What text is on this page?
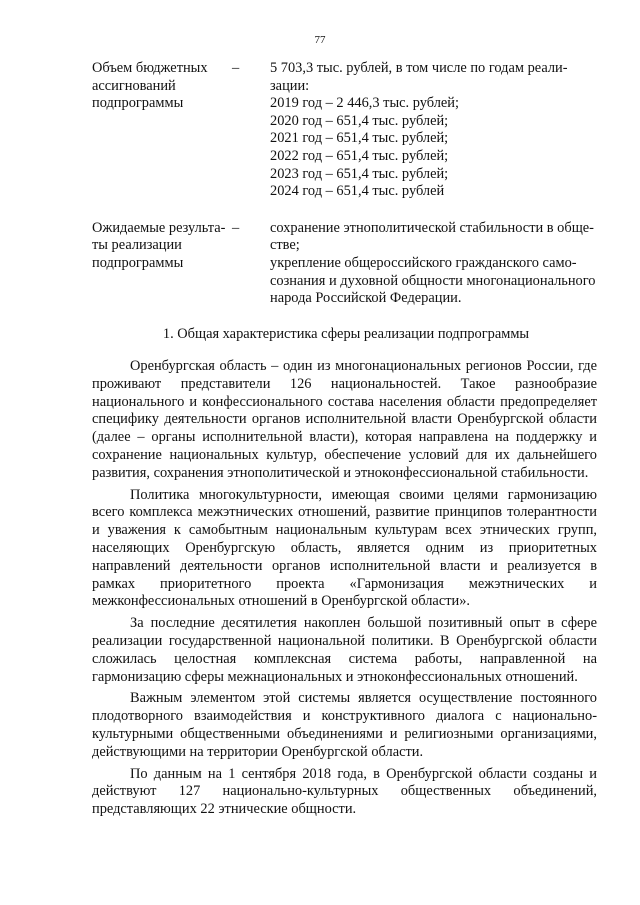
77
Объем бюджетных
ассигнований
подпрограммы
–	5 703,3 тыс. рублей, в том числе по годам реали-
зации:
2019 год – 2 446,3 тыс. рублей;
2020 год – 651,4 тыс. рублей;
2021 год – 651,4 тыс. рублей;
2022 год – 651,4 тыс. рублей;
2023 год – 651,4 тыс. рублей;
2024 год – 651,4 тыс. рублей
Ожидаемые результа-
ты реализации
подпрограммы
–	сохранение этнополитической стабильности в обще-
стве;
укрепление общероссийского гражданского само-
сознания и духовной общности многонационального
народа Российской Федерации.
1. Общая характеристика сферы реализации подпрограммы

Оренбургская область – один из многонациональных регионов России, где проживают представители 126 национальностей. Такое разнообразие национального и конфессионального состава населения области предопределяет специфику деятельности органов исполнительной власти Оренбургской области (далее – органы исполнительной власти), которая направлена на поддержку и сохранение национальных культур, обеспечение условий для их дальнейшего развития, сохранения этнополитической и этноконфессиональной стабильности.

Политика многокультурности, имеющая своими целями гармонизацию всего комплекса межэтнических отношений, развитие принципов толерантности и уважения к самобытным национальным культурам всех этнических групп, населяющих Оренбургскую область, является одним из приоритетных направлений деятельности органов исполнительной власти и реализуется в рамках приоритетного проекта «Гармонизация межэтнических и межконфессиональных отношений в Оренбургской области».

За последние десятилетия накоплен большой позитивный опыт в сфере реализации государственной национальной политики. В Оренбургской области сложилась целостная комплексная система работы, направленной на гармонизацию сферы межнациональных и этноконфессиональных отношений.

Важным элементом этой системы является осуществление постоянного плодотворного взаимодействия и конструктивного диалога с национально-культурными общественными объединениями и религиозными организациями, действующими на территории Оренбургской области.

По данным на 1 сентября 2018 года, в Оренбургской области созданы и действуют 127 национально-культурных общественных объединений, представляющих 22 этнические общности.
